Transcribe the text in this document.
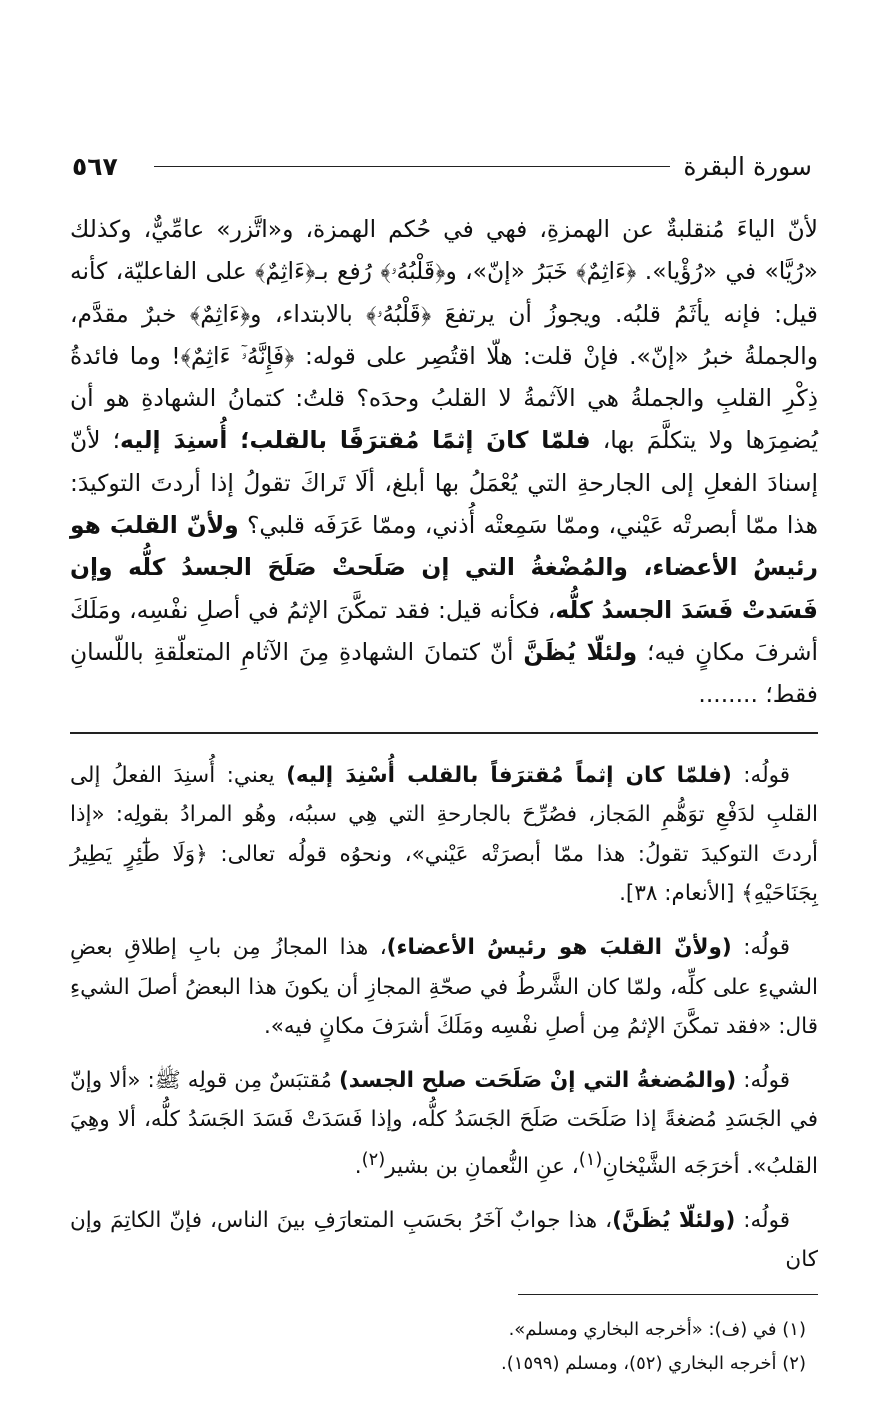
سورة البقرة
٥٦٧

لأنّ الياءَ مُنقلبةٌ عن الهمزةِ، فهي في حُكم الهمزة، و«اتَّزر» عامِّيٌّ، وكذلك «رُيَّا» في «رُؤْيا». ﴿ءَاثِمٌ﴾ خَبَرُ «إنّ»، و﴿قَلْبُهُۥ﴾ رُفع بـ﴿ءَاثِمٌ﴾ على الفاعليّة، كأنه قيل: فإنه يأثَمُ قلبُه. ويجوزُ أن يرتفعَ ﴿قَلْبُهُۥ﴾ بالابتداء، و﴿ءَاثِمٌ﴾ خبرٌ مقدَّم، والجملةُ خبرُ «إنّ». فإنْ قلت: هلّا اقتُصِر على قوله: ﴿فَإِنَّهُۥٓ ءَاثِمٌ﴾! وما فائدةُ ذِكْرِ القلبِ والجملةُ هي الآثمةُ لا القلبُ وحدَه؟ قلتُ: كتمانُ الشهادةِ هو أن يُضمِرَها ولا يتكلَّمَ بها، فلمّا كانَ إثمًا مُقترَفًا بالقلب؛ أُسنِدَ إليه؛ لأنّ إسنادَ الفعلِ إلى الجارحةِ التي يُعْمَلُ بها أبلغ، ألَا تَراكَ تقولُ إذا أردتَ التوكيدَ: هذا ممّا أبصرتْه عَيْني، وممّا سَمِعتْه أُذني، وممّا عَرَفَه قلبي؟ ولأنّ القلبَ هو رئيسُ الأعضاء، والمُضْغةُ التي إن صَلَحتْ صَلَحَ الجسدُ كلُّه وإن فَسَدتْ فَسَدَ الجسدُ كلُّه، فكأنه قيل: فقد تمكَّنَ الإثمُ في أصلِ نفْسِه، ومَلَكَ أشرفَ مكانٍ فيه؛ ولئلّا يُظَنَّ أنّ كتمانَ الشهادةِ مِنَ الآثامِ المتعلّقةِ باللّسانِ فقط؛ ........

قولُه: (فلمّا كان إثماً مُقترَفاً بالقلب أُسْنِدَ إليه) يعني: أُسنِدَ الفعلُ إلى القلبِ لدَفْعِ توَهُّمِ المَجاز، فصُرِّحَ بالجارحةِ التي هِي سببُه، وهُو المرادُ بقولِه: «إذا أردتَ التوكيدَ تقولُ: هذا ممّا أبصرَتْه عَيْني»، ونحوُه قولُه تعالى: ﴿وَلَا طَٰٓئِرٍ يَطِيرُ بِجَنَاحَيْهِ﴾ [الأنعام: ٣٨].

قولُه: (ولأنّ القلبَ هو رئيسُ الأعضاء)، هذا المجازُ مِن بابِ إطلاقِ بعضِ الشيءِ على كلِّه، ولمّا كان الشَّرطُ في صحّةِ المجازِ أن يكونَ هذا البعضُ أصلَ الشيءِ قال: «فقد تمكَّنَ الإثمُ مِن أصلِ نفْسِه ومَلَكَ أشرَفَ مكانٍ فيه».

قولُه: (والمُضغةُ التي إنْ صَلَحَت صلح الجسد) مُقتبَسٌ مِن قولِه ﷺ: «ألا وإنّ في الجَسَدِ مُضغةً إذا صَلَحَت صَلَحَ الجَسَدُ كلُّه، وإذا فَسَدَتْ فَسَدَ الجَسَدُ كلُّه، ألا وهِيَ القلبُ». أخرَجَه الشَّيْخانِ$^{(١)}$، عنِ النُّعمانِ بن بشير$^{(٢)}$.

قولُه: (ولئلّا يُظَنَّ)، هذا جوابٌ آخَرُ بحَسَبِ المتعارَفِ بينَ الناس، فإنّ الكاتِمَ وإن كان

(١) في (ف): «أخرجه البخاري ومسلم».

(٢) أخرجه البخاري (٥٢)، ومسلم (١٥٩٩).
